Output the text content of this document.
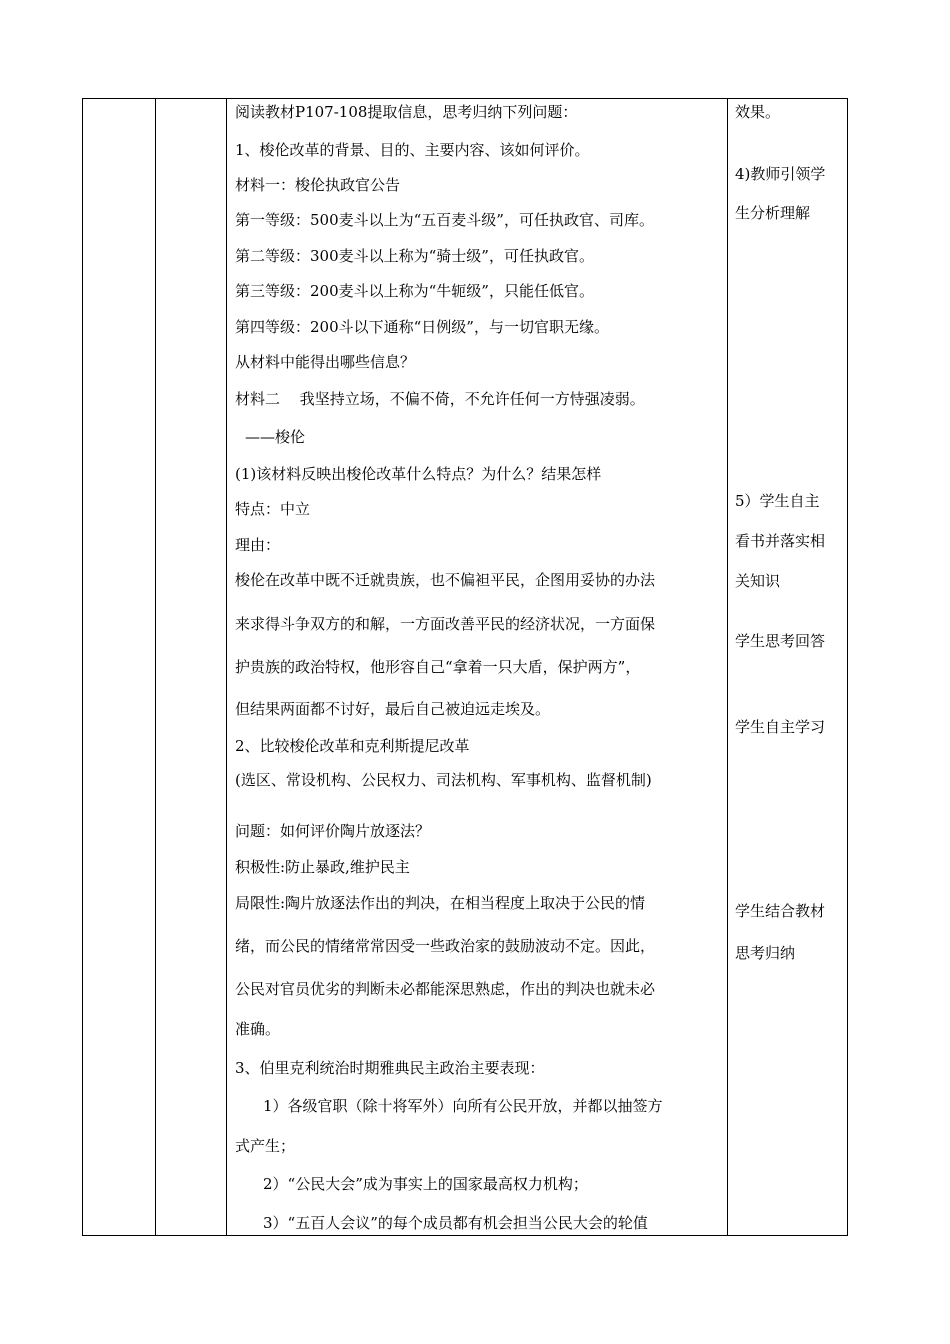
阅读教材P107-108提取信息，思考归纳下列问题：
1、梭伦改革的背景、目的、主要内容、该如何评价。
材料一：梭伦执政官公告
第一等级：500麦斗以上为“五百麦斗级”，可任执政官、司库。
第二等级：300麦斗以上称为“骑士级”，可任执政官。
第三等级：200麦斗以上称为“牛轭级”，只能任低官。
第四等级：200斗以下通称“日例级”，与一切官职无缘。
从材料中能得出哪些信息？
材料二　 我坚持立场，不偏不倚，不允许任何一方恃强凌弱。
——梭伦
(1)该材料反映出梭伦改革什么特点？为什么？结果怎样
特点：中立
理由：
梭伦在改革中既不迁就贵族，也不偏袒平民，企图用妥协的办法
来求得斗争双方的和解，一方面改善平民的经济状况，一方面保
护贵族的政治特权，他形容自己“拿着一只大盾，保护两方”，
但结果两面都不讨好，最后自己被迫远走埃及。
2、比较梭伦改革和克利斯提尼改革
(选区、常设机构、公民权力、司法机构、军事机构、监督机制)
问题：如何评价陶片放逐法？
积极性:防止暴政,维护民主
局限性:陶片放逐法作出的判决，在相当程度上取决于公民的情
绪，而公民的情绪常常因受一些政治家的鼓励波动不定。因此，
公民对官员优劣的判断未必都能深思熟虑，作出的判决也就未必
准确。
3、伯里克利统治时期雅典民主政治主要表现：
1）各级官职（除十将军外）向所有公民开放，并都以抽签方
式产生；
2）“公民大会”成为事实上的国家最高权力机构；
3）“五百人会议”的每个成员都有机会担当公民大会的轮值
效果。
4)教师引领学
生分析理解
5）学生自主
看书并落实相
关知识
学生思考回答
学生自主学习
学生结合教材
思考归纳
